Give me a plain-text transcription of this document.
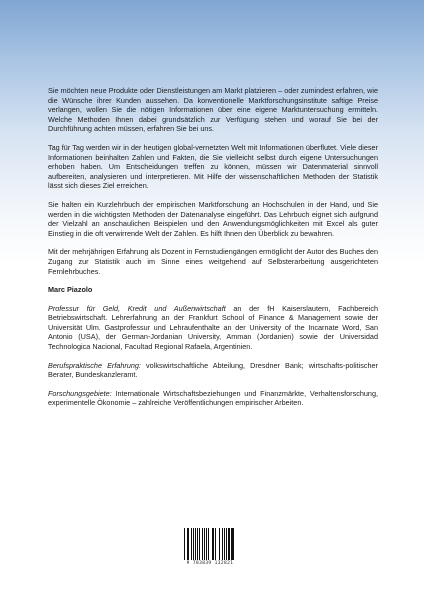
Sie möchten neue Produkte oder Dienstleistungen am Markt platzieren – oder zumindest erfahren, wie die Wünsche ihrer Kunden aussehen. Da konventionelle Marktforschungsinstitute saftige Preise verlangen, wollen Sie die nötigen Informationen über eine eigene Marktuntersuchung ermitteln. Welche Methoden Ihnen dabei grundsätzlich zur Verfügung stehen und worauf Sie bei der Durchführung achten müssen, erfahren Sie bei uns.

Tag für Tag werden wir in der heutigen global-vernetzten Welt mit Informationen überflutet. Viele dieser Informationen beinhalten Zahlen und Fakten, die Sie vielleicht selbst durch eigene Untersuchungen erhoben haben. Um Entscheidungen treffen zu können, müssen wir Datenmaterial sinnvoll aufbereiten, analysieren und interpretieren. Mit Hilfe der wissenschaftlichen Methoden der Statistik lässt sich dieses Ziel erreichen.

Sie halten ein Kurzlehrbuch der empirischen Marktforschung an Hochschulen in der Hand, und Sie werden in die wichtigsten Methoden der Datenanalyse eingeführt. Das Lehrbuch eignet sich aufgrund der Vielzahl an anschaulichen Beispielen und den Anwendungsmöglichkeiten mit Excel als guter Einstieg in die oft verwirrende Welt der Zahlen. Es hilft Ihnen den Überblick zu bewahren.

Mit der mehrjährigen Erfahrung als Dozent in Fernstudiengängen ermöglicht der Autor des Buches den Zugang zur Statistik auch im Sinne eines weitgehend auf Selbsterarbeitung ausgerichteten Fernlehrbuches.

Marc Piazolo

Professur für Geld, Kredit und Außenwirtschaft an der fH Kaiserslautern, Fachbereich Betriebswirtschaft. Lehrerfahrung an der Frankfurt School of Finance & Management sowie der Universität Ulm. Gastprofessur und Lehraufenthalte an der University of the Incarnate Word, San Antonio (USA), der German-Jordanian University, Amman (Jordanien) sowie der Universidad Technologica Nacional, Facultad Regional Rafaela, Argentinien.

Berufspraktische Erfahrung: volkswirtschaftliche Abteilung, Dresdner Bank; wirtschafts-politischer Berater, Bundeskanzleramt.

Forschungsgebiete: Internationale Wirtschaftsbeziehungen und Finanzmärkte, Verhaltensforschung, experimentelle Ökonomie – zahlreiche Veröffentlichungen empirischer Arbeiten.

9 783839 132821
